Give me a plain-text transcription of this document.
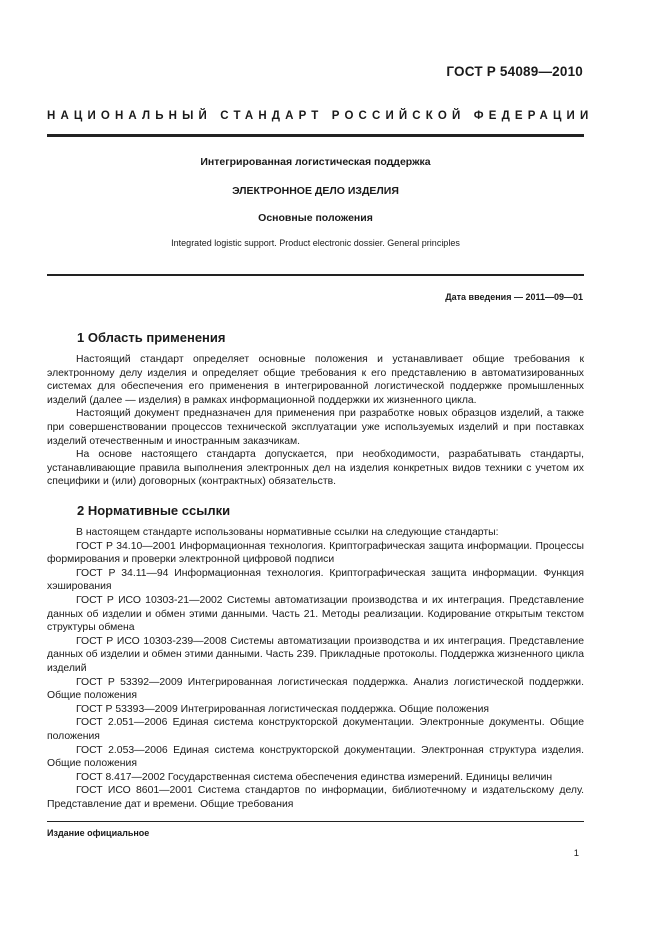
ГОСТ Р 54089—2010
НАЦИОНАЛЬНЫЙ СТАНДАРТ РОССИЙСКОЙ ФЕДЕРАЦИИ
Интегрированная логистическая поддержка
ЭЛЕКТРОННОЕ ДЕЛО ИЗДЕЛИЯ
Основные положения
Integrated logistic support. Product electronic dossier. General principles
Дата введения — 2011—09—01
1 Область применения

Настоящий стандарт определяет основные положения и устанавливает общие требования к электронному делу изделия и определяет общие требования к его представлению в автоматизированных системах для обеспечения его применения в интегрированной логистической поддержке промышленных изделий (далее — изделия) в рамках информационной поддержки их жизненного цикла.

Настоящий документ предназначен для применения при разработке новых образцов изделий, а также при совершенствовании процессов технической эксплуатации уже используемых изделий и при поставках изделий отечественным и иностранным заказчикам.

На основе настоящего стандарта допускается, при необходимости, разрабатывать стандарты, устанавливающие правила выполнения электронных дел на изделия конкретных видов техники с учетом их специфики и (или) договорных (контрактных) обязательств.

2 Нормативные ссылки

В настоящем стандарте использованы нормативные ссылки на следующие стандарты:

ГОСТ Р 34.10—2001 Информационная технология. Криптографическая защита информации. Процессы формирования и проверки электронной цифровой подписи

ГОСТ Р 34.11—94 Информационная технология. Криптографическая защита информации. Функция хэширования

ГОСТ Р ИСО 10303-21—2002 Системы автоматизации производства и их интеграция. Представление данных об изделии и обмен этими данными. Часть 21. Методы реализации. Кодирование открытым текстом структуры обмена

ГОСТ Р ИСО 10303-239—2008 Системы автоматизации производства и их интеграция. Представление данных об изделии и обмен этими данными. Часть 239. Прикладные протоколы. Поддержка жизненного цикла изделий

ГОСТ Р 53392—2009 Интегрированная логистическая поддержка. Анализ логистической поддержки. Общие положения

ГОСТ Р 53393—2009 Интегрированная логистическая поддержка. Общие положения

ГОСТ 2.051—2006 Единая система конструкторской документации. Электронные документы. Общие положения

ГОСТ 2.053—2006 Единая система конструкторской документации. Электронная структура изделия. Общие положения

ГОСТ 8.417—2002 Государственная система обеспечения единства измерений. Единицы величин

ГОСТ ИСО 8601—2001 Система стандартов по информации, библиотечному и издательскому делу. Представление дат и времени. Общие требования

Издание официальное
1
